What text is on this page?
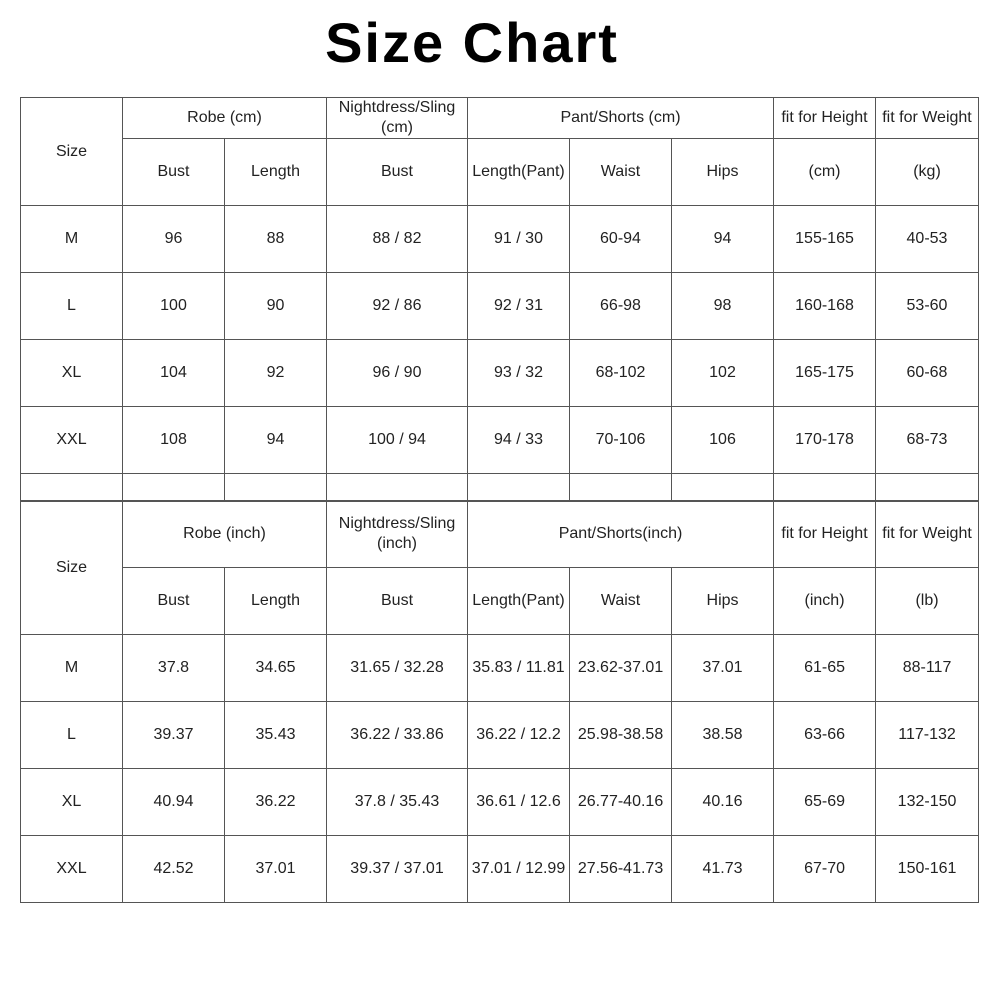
Size Chart
Size	Robe (cm)		Nightdress/Sling (cm)	Pant/Shorts (cm)			fit for Height	fit for Weight
	Bust	Length	Bust	Length(Pant)	Waist	Hips	(cm)	(kg)
M	96	88	88 / 82	91 / 30	60-94	94	155-165	40-53
L	100	90	92 / 86	92 / 31	66-98	98	160-168	53-60
XL	104	92	96 / 90	93 / 32	68-102	102	165-175	60-68
XXL	108	94	100 / 94	94 / 33	70-106	106	170-178	68-73

Size	Robe (inch)		Nightdress/Sling (inch)	Pant/Shorts(inch)			fit for Height	fit for Weight
	Bust	Length	Bust	Length(Pant)	Waist	Hips	(inch)	(lb)
M	37.8	34.65	31.65 / 32.28	35.83 / 11.81	23.62-37.01	37.01	61-65	88-117
L	39.37	35.43	36.22 / 33.86	36.22 / 12.2	25.98-38.58	38.58	63-66	117-132
XL	40.94	36.22	37.8 / 35.43	36.61 / 12.6	26.77-40.16	40.16	65-69	132-150
XXL	42.52	37.01	39.37 / 37.01	37.01 / 12.99	27.56-41.73	41.73	67-70	150-161
